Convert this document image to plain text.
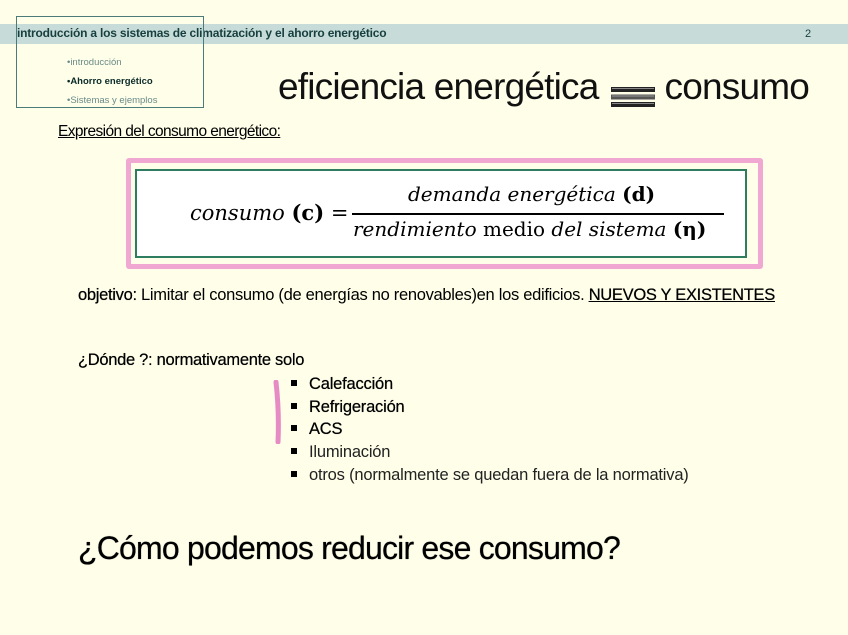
introducción a los sistemas de climatización y el ahorro energético	2
•introducción
•Ahorro energético
•Sistemas y ejemplos	eficiencia energética consumo
Expresión del consumo energético:
consumo (c) =
demanda energética (d)
rendimiento medio del sistema (η)
objetivo: Limitar el consumo (de energías no renovables)en los edificios. NUEVOS Y EXISTENTES
¿Dónde ?: normativamente solo
Calefacción
Refrigeración
ACS
Iluminación
otros (normalmente se quedan fuera de la normativa)
¿Cómo podemos reducir ese consumo?
